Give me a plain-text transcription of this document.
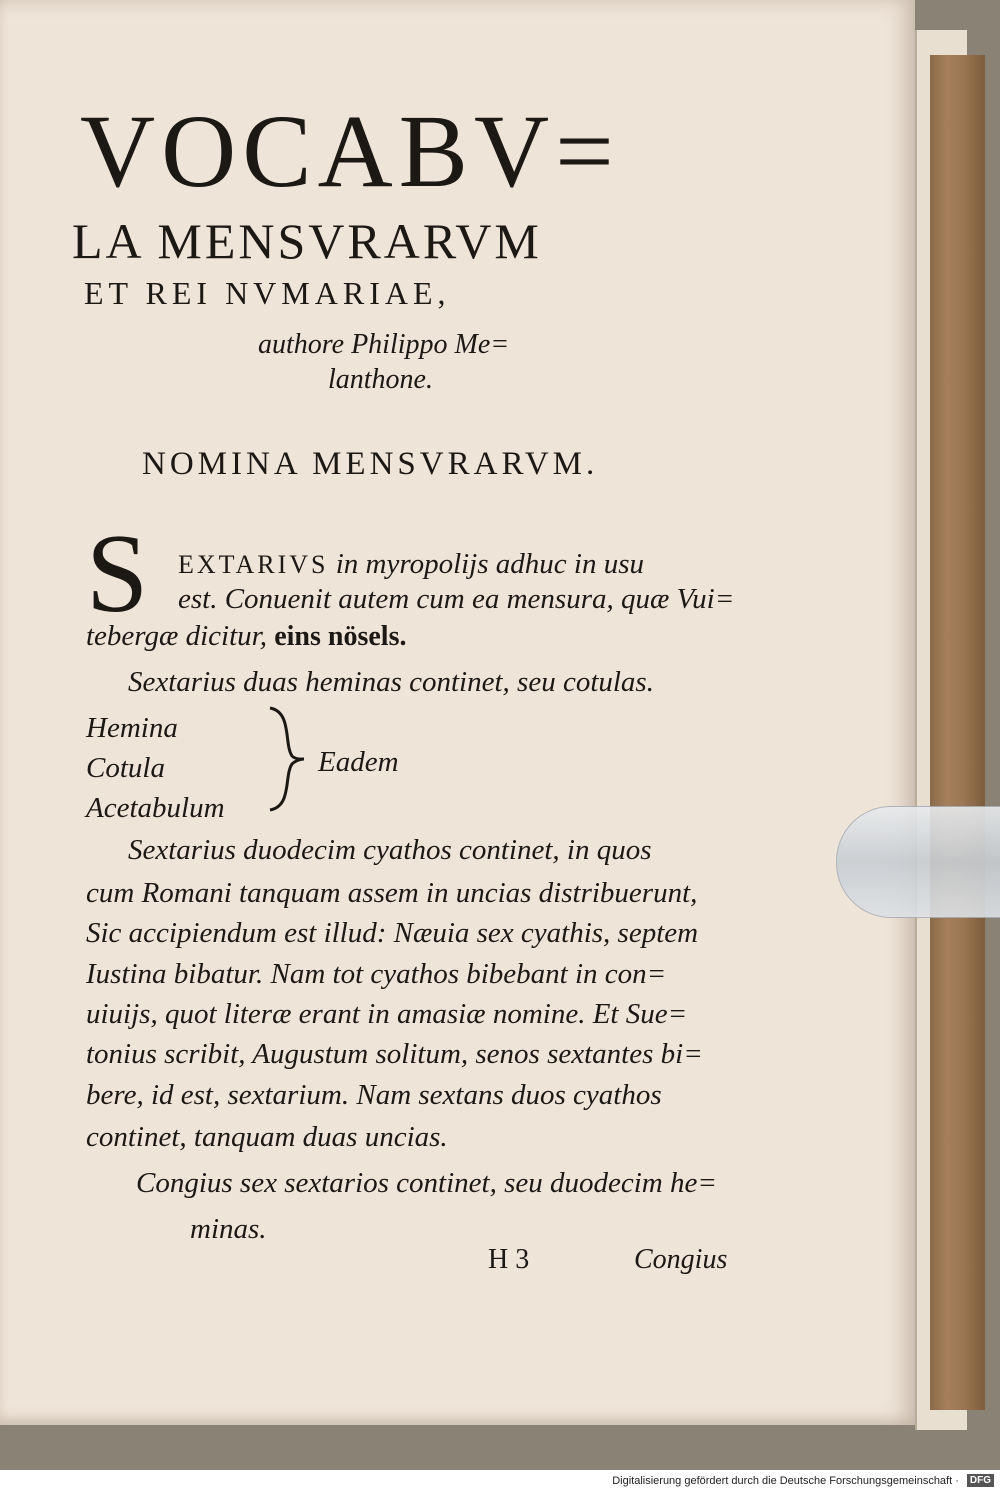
VOCABV=
LA MENSVRARVM
ET REI NVMARIAE,
authore Philippo Me=
lanthone.
NOMINA MENSVRARVM.
S EXTARIVS in myropolijs adhuc in usu
est. Conuenit autem cum ea mensura, quæ Vui=
tebergæ dicitur, eins nösels.
Sextarius duas heminas continet, seu cotulas.
Hemina
Cotula
Acetabulum
Eadem
Sextarius duodecim cyathos continet, in quos
cum Romani tanquam assem in uncias distribuerunt,
Sic accipiendum est illud: Næuia sex cyathis, septem
Iustina bibatur. Nam tot cyathos bibebant in con=
uiuijs, quot literæ erant in amasiæ nomine. Et Sue=
tonius scribit, Augustum solitum, senos sextantes bi=
bere, id est, sextarium. Nam sextans duos cyathos
continet, tanquam duas uncias.
Congius sex sextarios continet, seu duodecim he=
minas.
H 3	Congius
Digitalisierung gefördert durch die Deutsche Forschungsgemeinschaft · DFG
